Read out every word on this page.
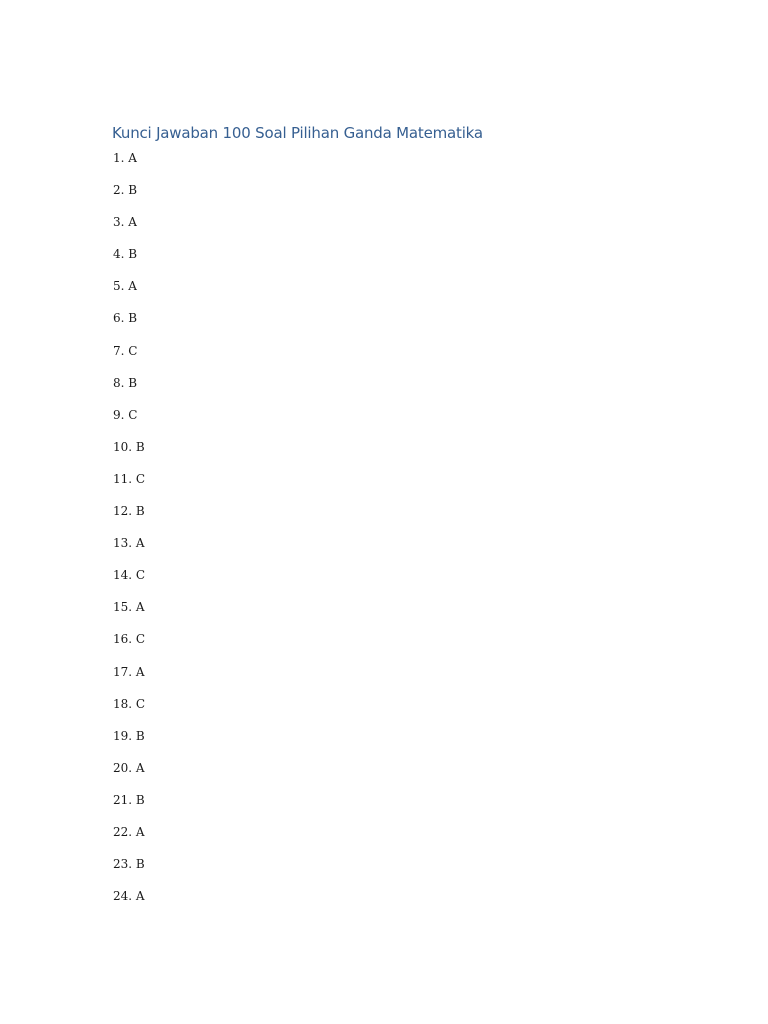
Kunci Jawaban 100 Soal Pilihan Ganda Matematika
1. A
2. B
3. A
4. B
5. A
6. B
7. C
8. B
9. C
10. B
11. C
12. B
13. A
14. C
15. A
16. C
17. A
18. C
19. B
20. A
21. B
22. A
23. B
24. A
